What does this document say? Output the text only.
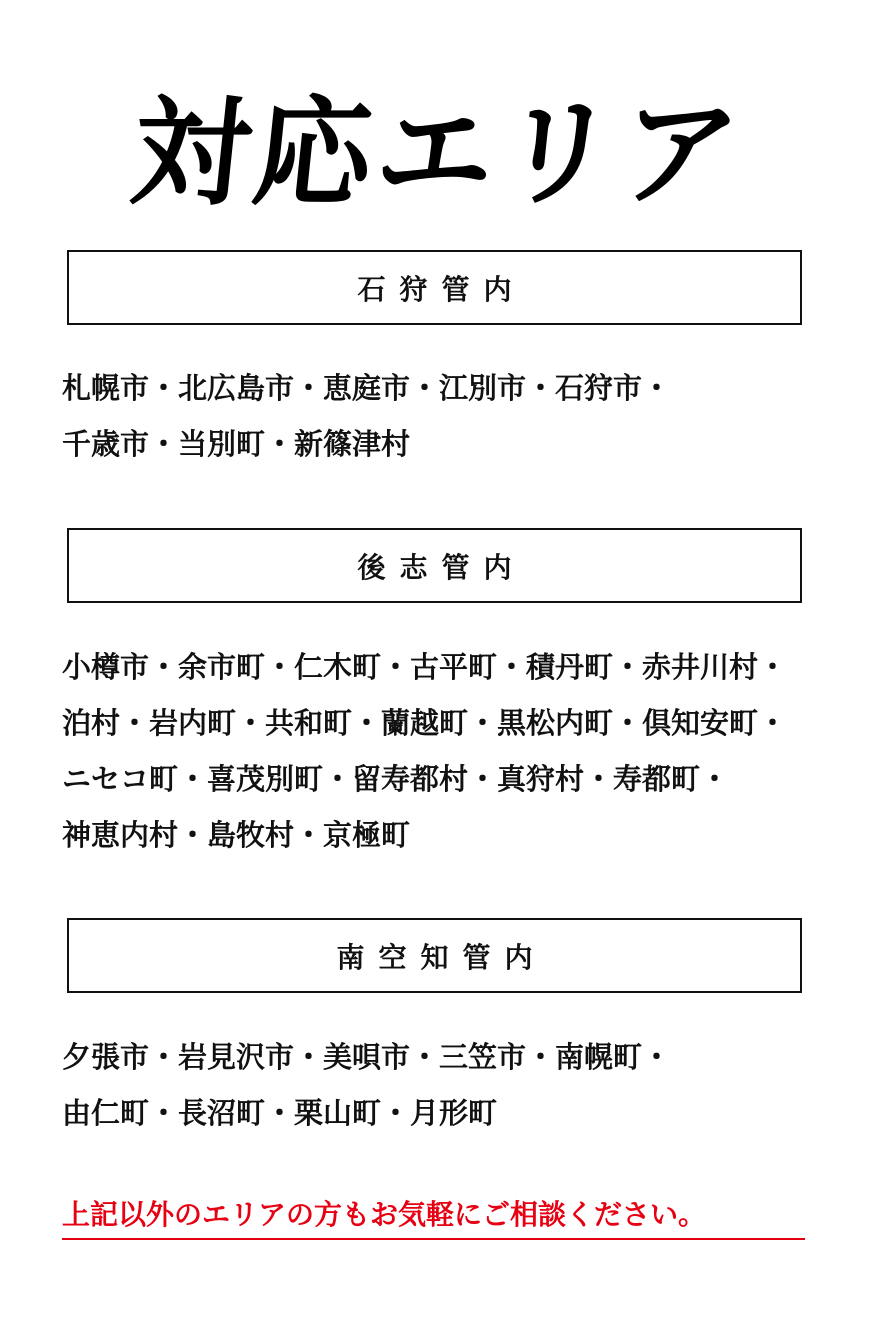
対応エリア
石狩管内
札幌市・北広島市・恵庭市・江別市・石狩市・
千歳市・当別町・新篠津村
後志管内
小樽市・余市町・仁木町・古平町・積丹町・赤井川村・
泊村・岩内町・共和町・蘭越町・黒松内町・倶知安町・
ニセコ町・喜茂別町・留寿都村・真狩村・寿都町・
神恵内村・島牧村・京極町
南空知管内
夕張市・岩見沢市・美唄市・三笠市・南幌町・
由仁町・長沼町・栗山町・月形町
上記以外のエリアの方もお気軽にご相談ください。
